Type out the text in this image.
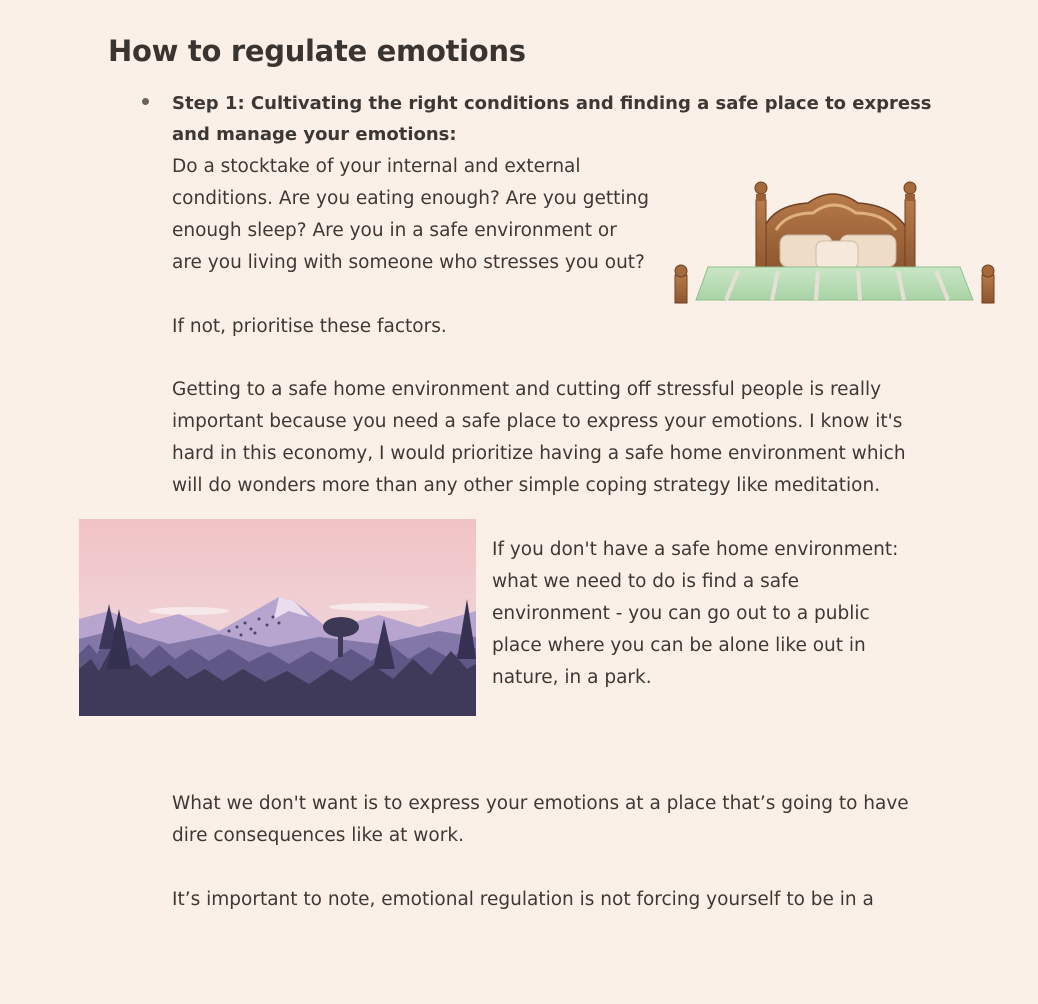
How to regulate emotions

Step 1: Cultivating the right conditions and finding a safe place to express

and manage your emotions:

Do a stocktake of your internal and external

conditions. Are you eating enough? Are you getting

enough sleep? Are you in a safe environment or

are you living with someone who stresses you out?

If not, prioritise these factors.

Getting to a safe home environment and cutting off stressful people is really

important because you need a safe place to express your emotions. I know it's

hard in this economy, I would prioritize having a safe home environment which

will do wonders more than any other simple coping strategy like meditation.

If you don't have a safe home environment:

what we need to do is find a safe

environment - you can go out to a public

place where you can be alone like out in

nature, in a park.

What we don't want is to express your emotions at a place that’s going to have

dire consequences like at work.

It’s important to note, emotional regulation is not forcing yourself to be in a
